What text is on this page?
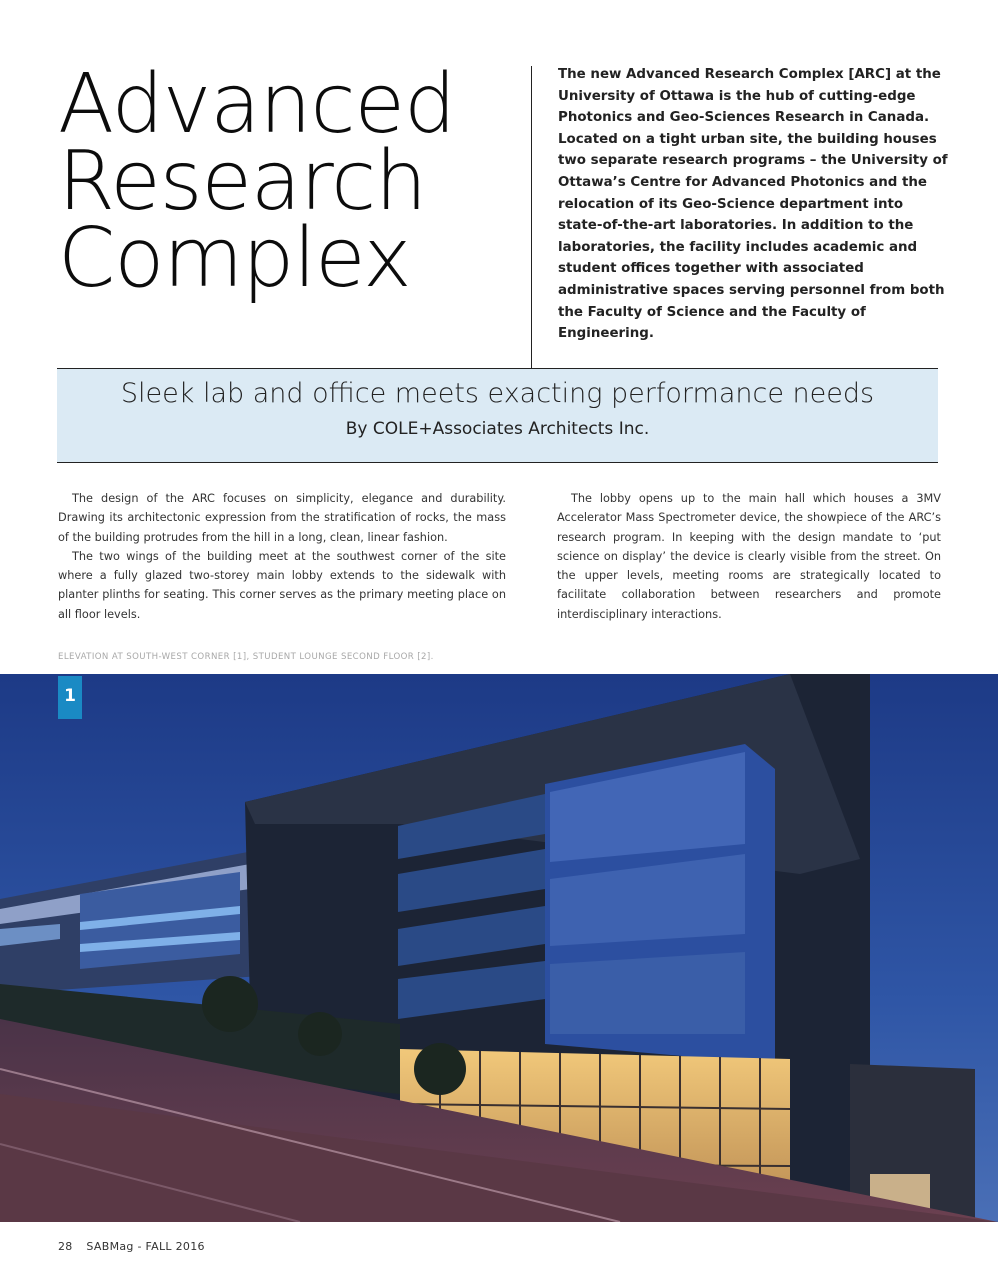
Advanced
Research
Complex
The new Advanced Research Complex [ARC] at the University of Ottawa is the hub of cutting-edge Photonics and Geo-Sciences Research in Canada. Located on a tight urban site, the building houses two separate research programs – the University of Ottawa’s Centre for Advanced Photonics and the relocation of its Geo-Science department into state-of-the-art laboratories. In addition to the laboratories, the facility includes academic and student offices together with associated administrative spaces serving personnel from both the Faculty of Science and the Faculty of Engineering.
Sleek lab and office meets exacting performance needs
By COLE+Associates Architects Inc.

The design of the ARC focuses on simplicity, elegance and durability. Drawing its architectonic expression from the stratification of rocks, the mass of the building protrudes from the hill in a long, clean, linear fashion.

The two wings of the building meet at the southwest corner of the site where a fully glazed two-storey main lobby extends to the sidewalk with planter plinths for seating. This corner serves as the primary meeting place on all floor levels.

The lobby opens up to the main hall which houses a 3MV Accelerator Mass Spectrometer device, the showpiece of the ARC’s research program. In keeping with the design mandate to ‘put science on display’ the device is clearly visible from the street. On the upper levels, meeting rooms are strategically located to facilitate collaboration between researchers and promote interdisciplinary interactions.

ELEVATION AT SOUTH-WEST CORNER [1], STUDENT LOUNGE SECOND FLOOR [2].
1
28 SABMag - FALL 2016
